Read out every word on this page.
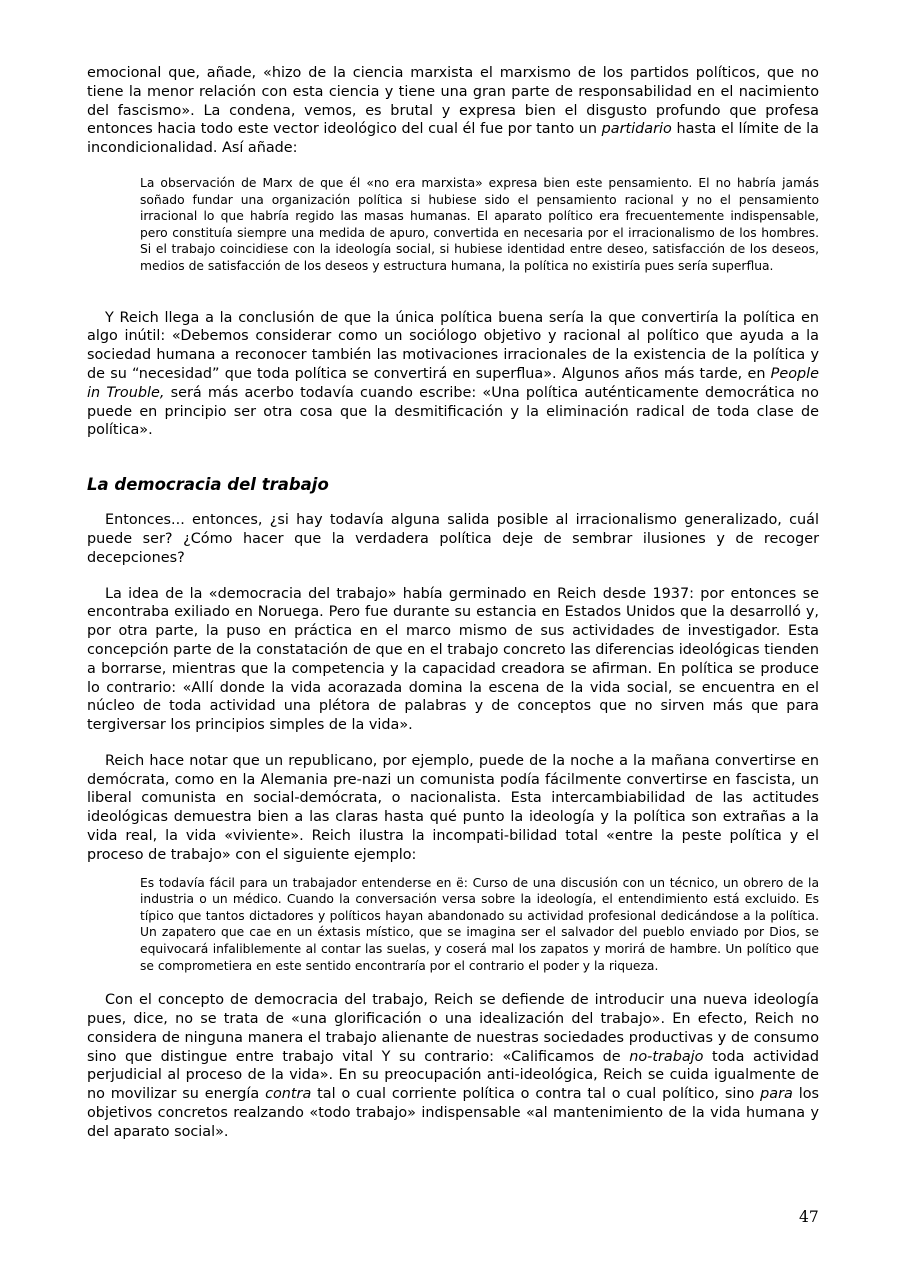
emocional que, añade, «hizo de la ciencia marxista el marxismo de los partidos políticos, que no tiene la menor relación con esta ciencia y tiene una gran parte de responsabilidad en el nacimiento del fascismo». La condena, vemos, es brutal y expresa bien el disgusto profundo que profesa entonces hacia todo este vector ideológico del cual él fue por tanto un partidario hasta el límite de la incondicionalidad. Así añade:

La observación de Marx de que él «no era marxista» expresa bien este pensamiento. El no habría jamás soñado fundar una organización política si hubiese sido el pensamiento racional y no el pensamiento irracional lo que habría regido las masas humanas. El aparato político era frecuentemente indispensable, pero constituía siempre una medida de apuro, convertida en necesaria por el irracionalismo de los hombres. Si el trabajo coincidiese con la ideología social, si hubiese identidad entre deseo, satisfacción de los deseos, medios de satisfacción de los deseos y estructura humana, la política no existiría pues sería superflua.

Y Reich llega a la conclusión de que la única política buena sería la que convertiría la política en algo inútil: «Debemos considerar como un sociólogo objetivo y racional al político que ayuda a la sociedad humana a reconocer también las motivaciones irracionales de la existencia de la política y de su “necesidad” que toda política se convertirá en superflua». Algunos años más tarde, en People in Trouble, será más acerbo todavía cuando escribe: «Una política auténticamente democrática no puede en principio ser otra cosa que la desmitificación y la eliminación radical de toda clase de política».

La democracia del trabajo

Entonces... entonces, ¿si hay todavía alguna salida posible al irracionalismo generalizado, cuál puede ser? ¿Cómo hacer que la verdadera política deje de sembrar ilusiones y de recoger decepciones?

La idea de la «democracia del trabajo» había germinado en Reich desde 1937: por entonces se encontraba exiliado en Noruega. Pero fue durante su estancia en Estados Unidos que la desarrolló y, por otra parte, la puso en práctica en el marco mismo de sus actividades de investigador. Esta concepción parte de la constatación de que en el trabajo concreto las diferencias ideológicas tienden a borrarse, mientras que la competencia y la capacidad creadora se afirman. En política se produce lo contrario: «Allí donde la vida acorazada domina la escena de la vida social, se encuentra en el núcleo de toda actividad una plétora de palabras y de conceptos que no sirven más que para tergiversar los principios simples de la vida».

Reich hace notar que un republicano, por ejemplo, puede de la noche a la mañana convertirse en demócrata, como en la Alemania pre-nazi un comunista podía fácilmente convertirse en fascista, un liberal comunista en social-demócrata, o nacionalista. Esta intercambiabilidad de las actitudes ideológicas demuestra bien a las claras hasta qué punto la ideología y la política son extrañas a la vida real, la vida «viviente». Reich ilustra la incompati-bilidad total «entre la peste política y el proceso de trabajo» con el siguiente ejemplo:

Es todavía fácil para un trabajador entenderse en ë: Curso de una discusión con un técnico, un obrero de la industria o un médico. Cuando la conversación versa sobre la ideología, el entendimiento está excluido. Es típico que tantos dictadores y políticos hayan abandonado su actividad profesional dedicándose a la política. Un zapatero que cae en un éxtasis místico, que se imagina ser el salvador del pueblo enviado por Dios, se equivocará infaliblemente al contar las suelas, y coserá mal los zapatos y morirá de hambre. Un político que se comprometiera en este sentido encontraría por el contrario el poder y la riqueza.

Con el concepto de democracia del trabajo, Reich se defiende de introducir una nueva ideología pues, dice, no se trata de «una glorificación o una idealización del trabajo». En efecto, Reich no considera de ninguna manera el trabajo alienante de nuestras sociedades productivas y de consumo sino que distingue entre trabajo vital Y su contrario: «Calificamos de no-trabajo toda actividad perjudicial al proceso de la vida». En su preocupación anti-ideológica, Reich se cuida igualmente de no movilizar su energía contra tal o cual corriente política o contra tal o cual político, sino para los objetivos concretos realzando «todo trabajo» indispensable «al mantenimiento de la vida humana y del aparato social».

47
